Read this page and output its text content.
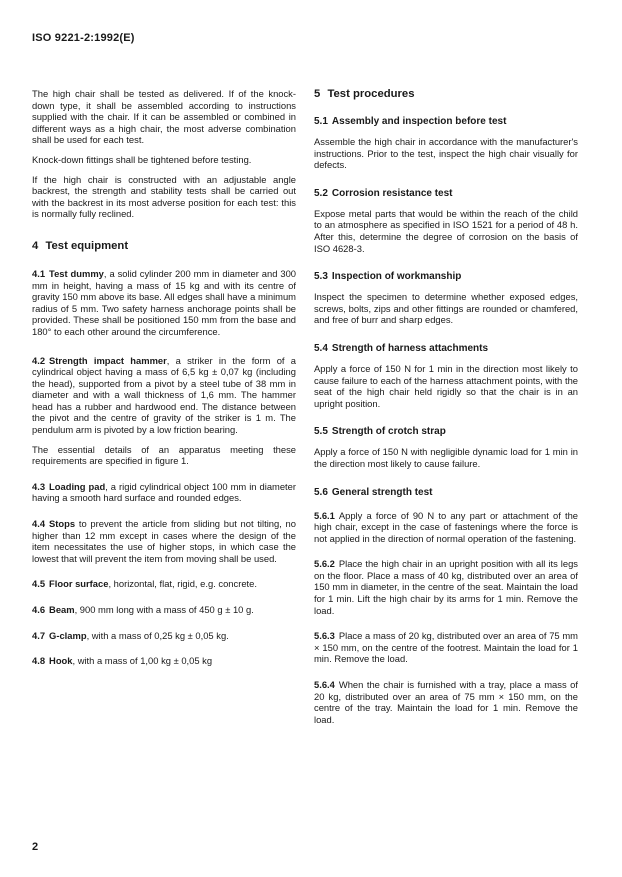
ISO 9221-2:1992(E)

The high chair shall be tested as delivered. If of the knock-down type, it shall be assembled according to instructions supplied with the chair. If it can be assembled or combined in different ways as a high chair, the most adverse combination shall be used for each test.

Knock-down fittings shall be tightened before testing.

If the high chair is constructed with an adjustable angle backrest, the strength and stability tests shall be carried out with the backrest in its most adverse position for each test: this is normally fully reclined.

4 Test equipment

4.1 Test dummy, a solid cylinder 200 mm in diameter and 300 mm in height, having a mass of 15 kg and with its centre of gravity 150 mm above its base. All edges shall have a minimum radius of 5 mm. Two safety harness anchorage points shall be provided. These shall be positioned 150 mm from the base and 180° to each other around the circumference.

4.2 Strength impact hammer, a striker in the form of a cylindrical object having a mass of 6,5 kg ± 0,07 kg (including the head), supported from a pivot by a steel tube of 38 mm in diameter and with a wall thickness of 1,6 mm. The hammer head has a rubber and hardwood end. The distance between the pivot and the centre of gravity of the striker is 1 m. The pendulum arm is pivoted by a low friction bearing.

The essential details of an apparatus meeting these requirements are specified in figure 1.

4.3 Loading pad, a rigid cylindrical object 100 mm in diameter having a smooth hard surface and rounded edges.

4.4 Stops to prevent the article from sliding but not tilting, no higher than 12 mm except in cases where the design of the item necessitates the use of higher stops, in which case the lowest that will prevent the item from moving shall be used.

4.5 Floor surface, horizontal, flat, rigid, e.g. concrete.

4.6 Beam, 900 mm long with a mass of 450 g ± 10 g.

4.7 G-clamp, with a mass of 0,25 kg ± 0,05 kg.

4.8 Hook, with a mass of 1,00 kg ± 0,05 kg

5 Test procedures
5.1 Assembly and inspection before test

Assemble the high chair in accordance with the manufacturer's instructions. Prior to the test, inspect the high chair visually for defects.

5.2 Corrosion resistance test

Expose metal parts that would be within the reach of the child to an atmosphere as specified in ISO 1521 for a period of 48 h. After this, determine the degree of corrosion on the basis of ISO 4628-3.

5.3 Inspection of workmanship

Inspect the specimen to determine whether exposed edges, screws, bolts, zips and other fittings are rounded or chamfered, and free of burr and sharp edges.

5.4 Strength of harness attachments

Apply a force of 150 N for 1 min in the direction most likely to cause failure to each of the harness attachment points, with the seat of the high chair held rigidly so that the chair is in an upright position.

5.5 Strength of crotch strap

Apply a force of 150 N with negligible dynamic load for 1 min in the direction most likely to cause failure.

5.6 General strength test

5.6.1 Apply a force of 90 N to any part or attachment of the high chair, except in the case of fastenings where the force is not applied in the direction of normal operation of the fastening.

5.6.2 Place the high chair in an upright position with all its legs on the floor. Place a mass of 40 kg, distributed over an area of 150 mm in diameter, in the centre of the seat. Maintain the load for 1 min. Lift the high chair by its arms for 1 min. Remove the load.

5.6.3 Place a mass of 20 kg, distributed over an area of 75 mm × 150 mm, on the centre of the footrest. Maintain the load for 1 min. Remove the load.

5.6.4 When the chair is furnished with a tray, place a mass of 20 kg, distributed over an area of 75 mm × 150 mm, on the centre of the tray. Maintain the load for 1 min. Remove the load.

2
